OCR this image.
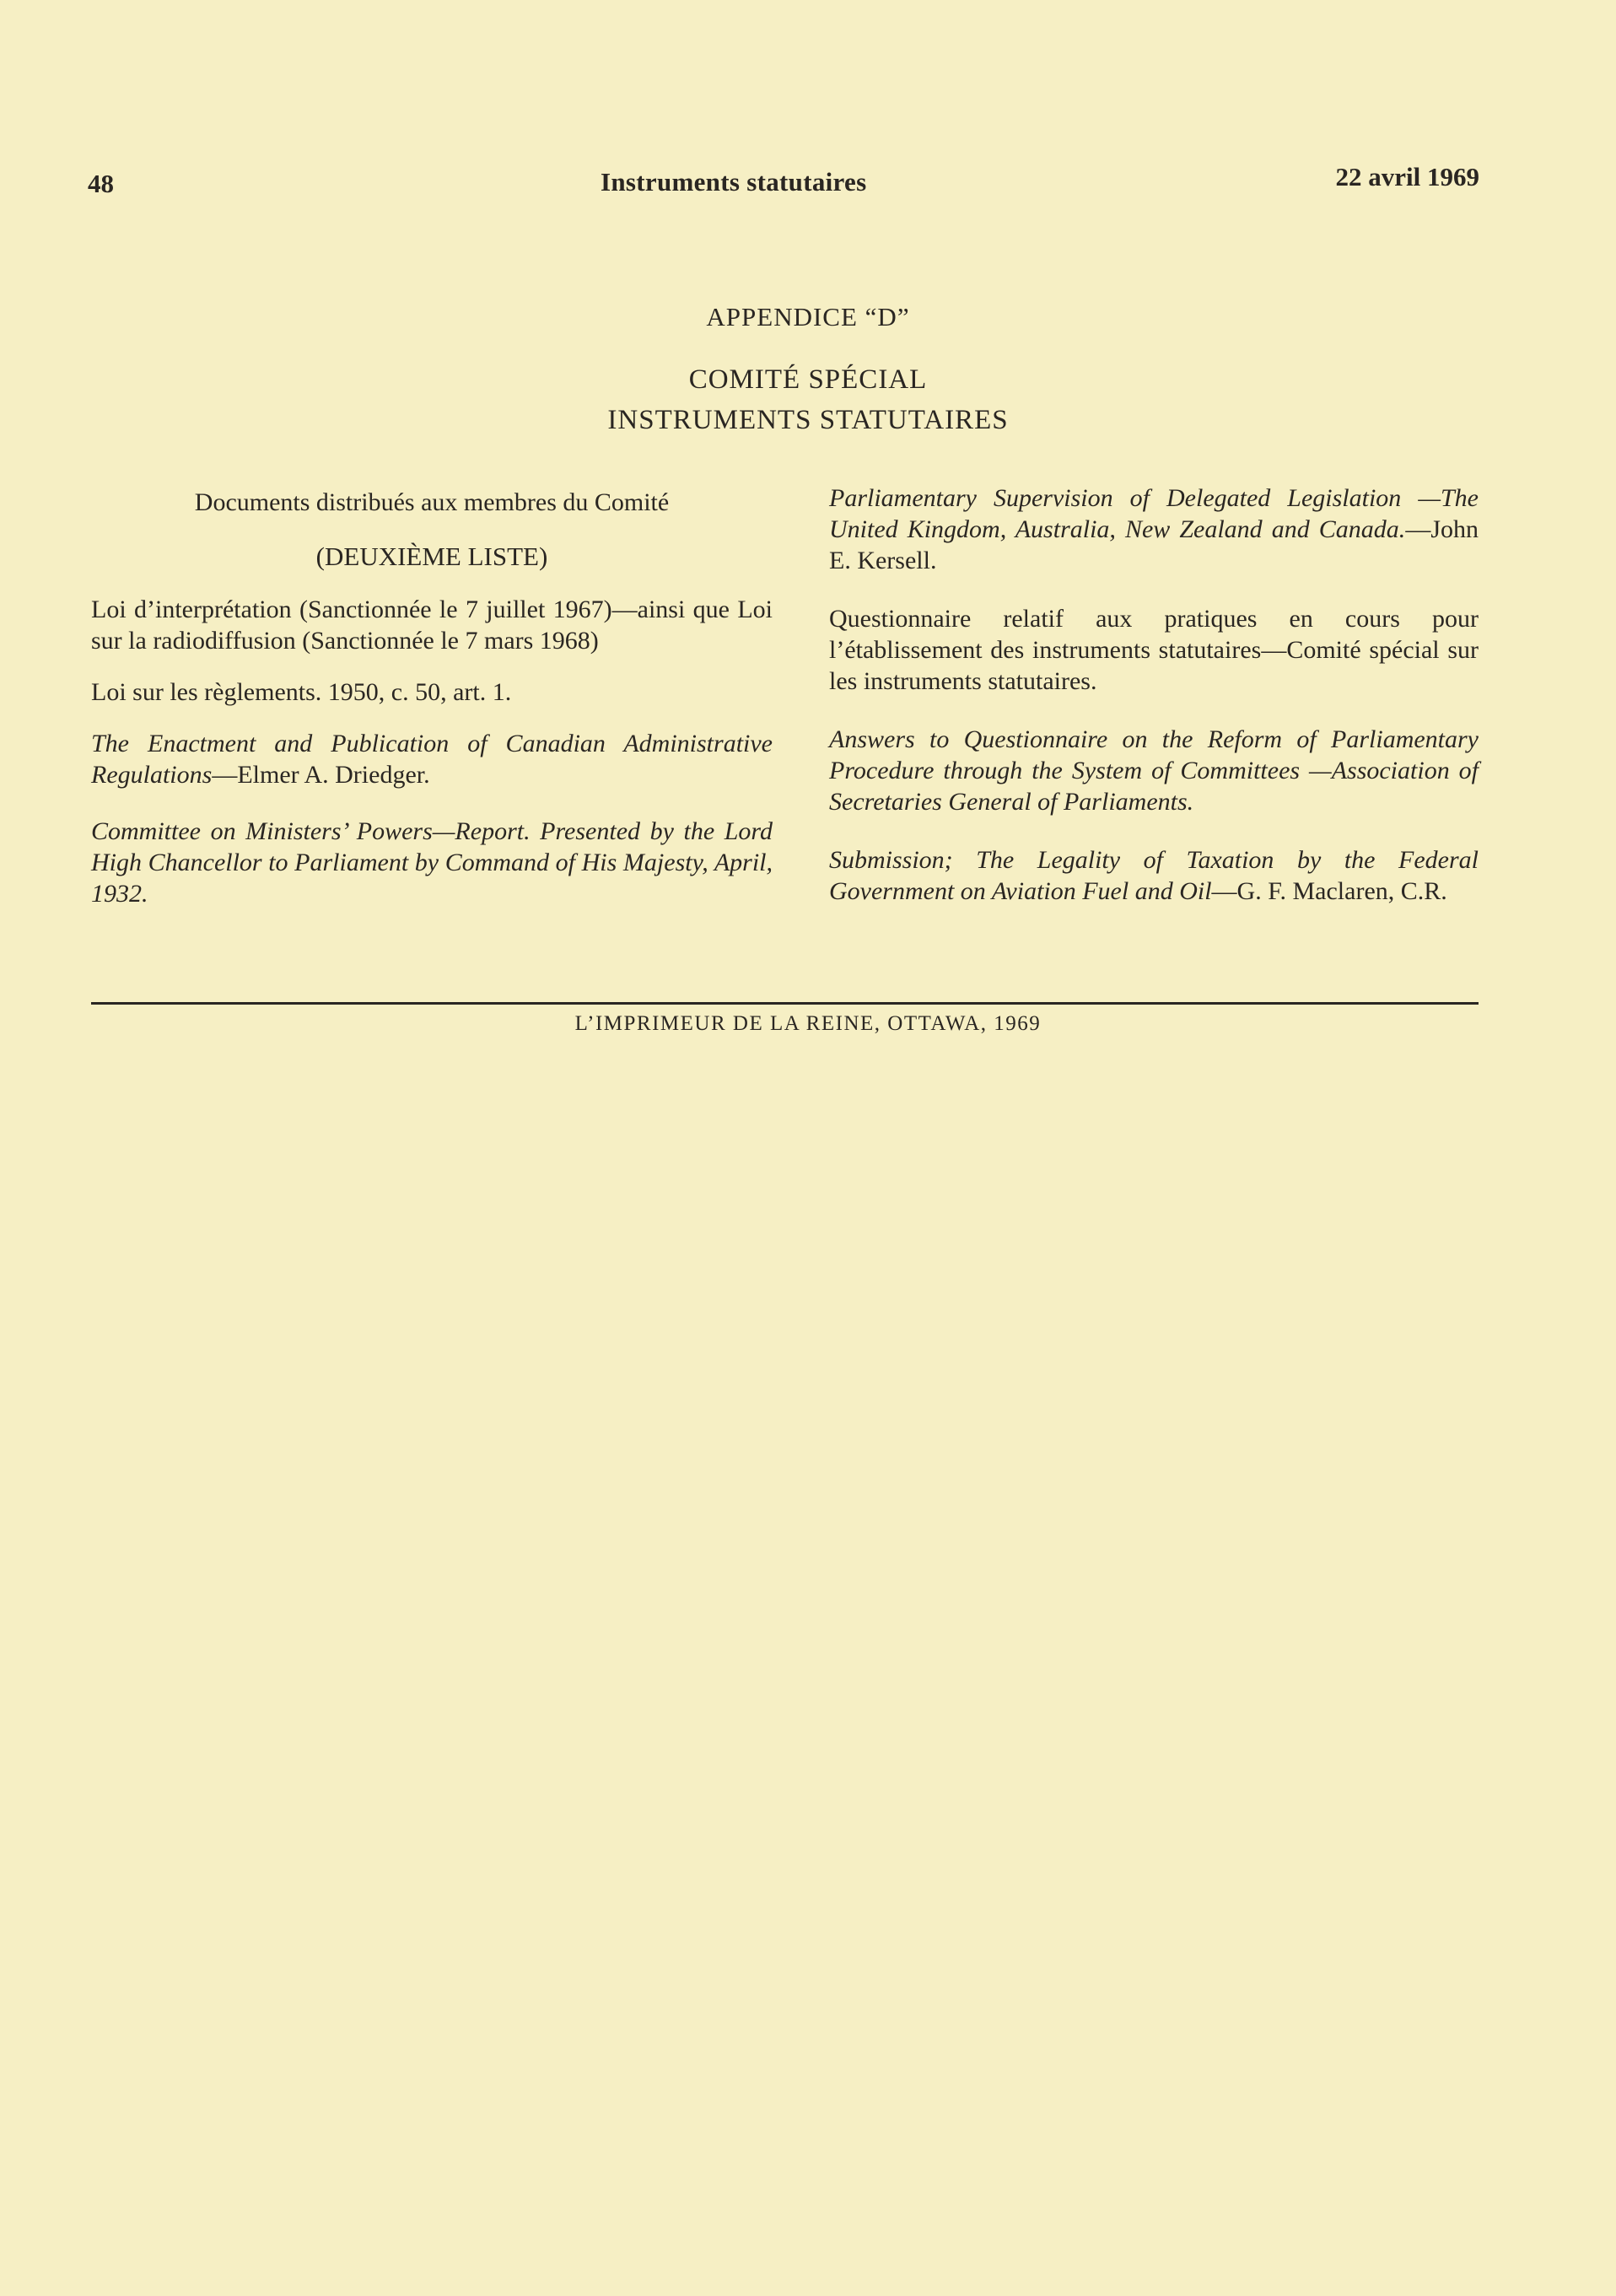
48	Instruments statutaires	22 avril 1969
APPENDICE “D”
COMITÉ SPÉCIAL
INSTRUMENTS STATUTAIRES

Documents distribués aux membres du Comité

(DEUXIÈME LISTE)

Loi d’interprétation (Sanctionnée le 7 juillet 1967)—ainsi que Loi sur la radiodiffusion (Sanctionnée le 7 mars 1968)

Loi sur les règlements. 1950, c. 50, art. 1.

The Enactment and Publication of Canadian Administrative Regulations—Elmer A. Driedger.

Committee on Ministers’ Powers—Report. Presented by the Lord High Chancellor to Parliament by Command of His Majesty, April, 1932.

Parliamentary Supervision of Delegated Legislation —The United Kingdom, Australia, New Zealand and Canada.—John E. Kersell.

Questionnaire relatif aux pratiques en cours pour l’établissement des instruments statutaires—Comité spécial sur les instruments statutaires.

Answers to Questionnaire on the Reform of Parliamentary Procedure through the System of Committees —Association of Secretaries General of Parliaments.

Submission; The Legality of Taxation by the Federal Government on Aviation Fuel and Oil—G. F. Maclaren, C.R.

L’IMPRIMEUR DE LA REINE, OTTAWA, 1969
